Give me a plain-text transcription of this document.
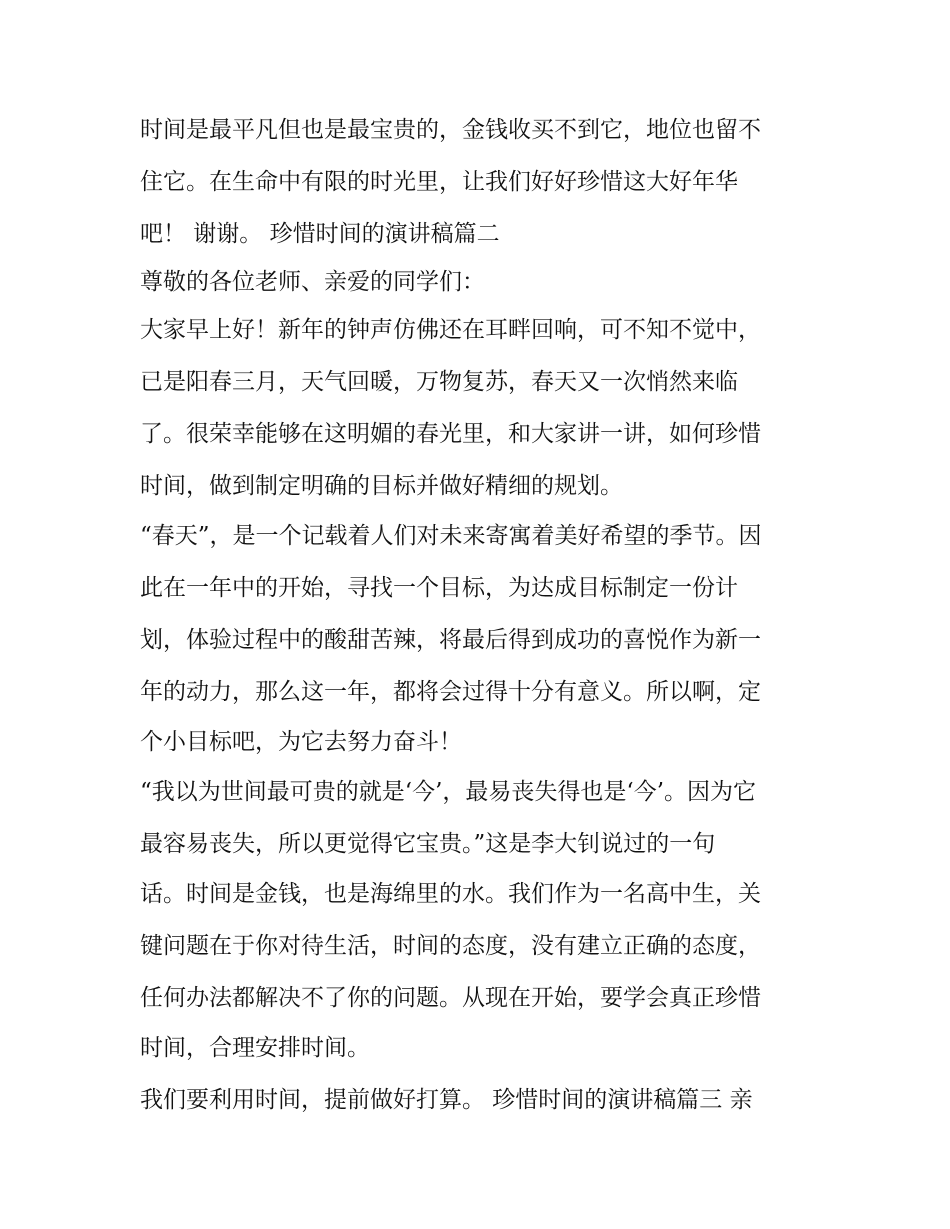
时间是最平凡但也是最宝贵的，金钱收买不到它，地位也留不
住它。在生命中有限的时光里，让我们好好珍惜这大好年华
吧！ 谢谢。 珍惜时间的演讲稿篇二
尊敬的各位老师、亲爱的同学们：
大家早上好！新年的钟声仿佛还在耳畔回响，可不知不觉中，
已是阳春三月，天气回暖，万物复苏，春天又一次悄然来临
了。很荣幸能够在这明媚的春光里，和大家讲一讲，如何珍惜
时间，做到制定明确的目标并做好精细的规划。
“春天”，是一个记载着人们对未来寄寓着美好希望的季节。因
此在一年中的开始，寻找一个目标，为达成目标制定一份计
划，体验过程中的酸甜苦辣，将最后得到成功的喜悦作为新一
年的动力，那么这一年，都将会过得十分有意义。所以啊，定
个小目标吧，为它去努力奋斗！
“我以为世间最可贵的就是‘今’，最易丧失得也是‘今’。因为它
最容易丧失，所以更觉得它宝贵。”这是李大钊说过的一句
话。时间是金钱，也是海绵里的水。我们作为一名高中生，关
键问题在于你对待生活，时间的态度，没有建立正确的态度，
任何办法都解决不了你的问题。从现在开始，要学会真正珍惜
时间，合理安排时间。
我们要利用时间，提前做好打算。 珍惜时间的演讲稿篇三 亲
